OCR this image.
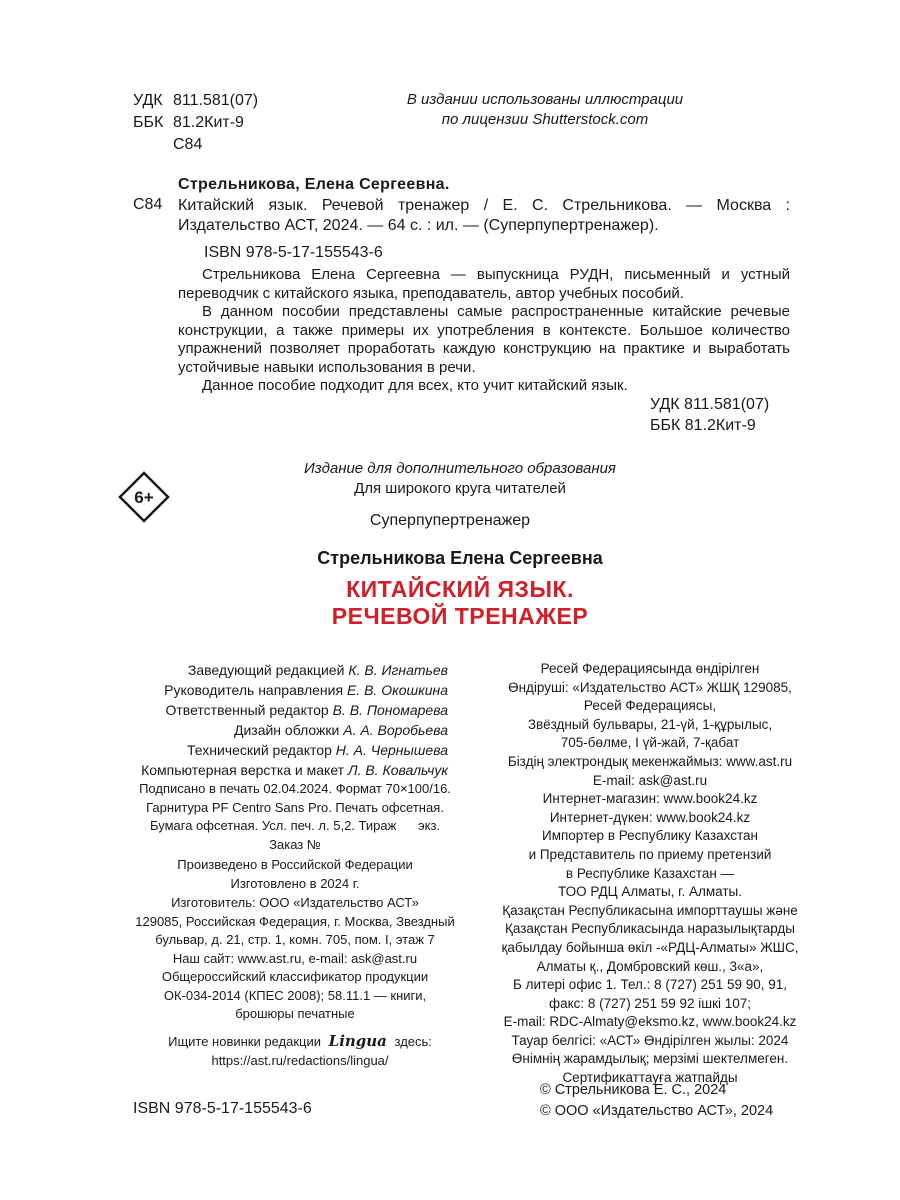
УДК 811.581(07)
ББК 81.2Кит-9
С84
В издании использованы иллюстрации
по лицензии Shutterstock.com
Стрельникова, Елена Сергеевна.
С84 Китайский язык. Речевой тренажер / Е. С. Стрельникова. — Москва : Издательство АСТ, 2024. — 64 с. : ил. — (Суперпупертренажер).
ISBN 978-5-17-155543-6

Стрельникова Елена Сергеевна — выпускница РУДН, письменный и устный переводчик с китайского языка, преподаватель, автор учебных пособий.

В данном пособии представлены самые распространенные китайские речевые конструкции, а также примеры их употребления в контексте. Большое количество упражнений позволяет проработать каждую конструкцию на практике и выработать устойчивые навыки использования в речи.

Данное пособие подходит для всех, кто учит китайский язык.

УДК 811.581(07)
ББК 81.2Кит-9
6+
Издание для дополнительного образования
Для широкого круга читателей
Суперпупертренажер
Стрельникова Елена Сергеевна
КИТАЙСКИЙ ЯЗЫК.
РЕЧЕВОЙ ТРЕНАЖЕР
Заведующий редакцией К. В. Игнатьев
Руководитель направления Е. В. Окошкина
Ответственный редактор В. В. Пономарева
Дизайн обложки А. А. Воробьева
Технический редактор Н. А. Чернышева
Компьютерная верстка и макет Л. В. Ковальчук
Подписано в печать 02.04.2024. Формат 70×100/16.
Гарнитура PF Centro Sans Pro. Печать офсетная.
Бумага офсетная. Усл. печ. л. 5,2. Тираж      экз.
Заказ №
Произведено в Российской Федерации
Изготовлено в 2024 г.
Изготовитель: ООО «Издательство АСТ»
129085, Российская Федерация, г. Москва, Звездный
бульвар, д. 21, стр. 1, комн. 705, пом. I, этаж 7
Наш сайт: www.ast.ru, e-mail: ask@ast.ru
Общероссийский классификатор продукции
ОК-034-2014 (КПЕС 2008); 58.11.1 — книги,
брошюры печатные
Ищите новинки редакции Lingua здесь:
https://ast.ru/redactions/lingua/
Ресей Федерациясында өндірілген
Өндіруші: «Издательство АСТ» ЖШҚ 129085,
Ресей Федерациясы,
Звёздный бульвары, 21-үй, 1-құрылыс,
705-бөлме, I үй-жай, 7-қабат
Біздің электрондық мекенжаймыз: www.ast.ru
E-mail: ask@ast.ru
Интернет-магазин: www.book24.kz
Интернет-дүкен: www.book24.kz
Импортер в Республику Казахстан
и Представитель по приему претензий
в Республике Казахстан —
ТОО РДЦ Алматы, г. Алматы.
Қазақстан Республикасына импорттаушы және
Қазақстан Республикасында наразылықтарды
қабылдау бойынша өкіл -«РДЦ-Алматы» ЖШС,
Алматы қ., Домбровский көш., 3«а»,
Б литері офис 1. Тел.: 8 (727) 251 59 90, 91,
факс: 8 (727) 251 59 92 ішкі 107;
E-mail: RDC-Almaty@eksmo.kz, www.book24.kz
Тауар белгісі: «АСТ» Өндірілген жылы: 2024
Өнімнің жарамдылық; мерзімі шектелмеген.
Сертификаттауға жатпайды
ISBN 978-5-17-155543-6
© Стрельникова Е. С., 2024
© ООО «Издательство АСТ», 2024
